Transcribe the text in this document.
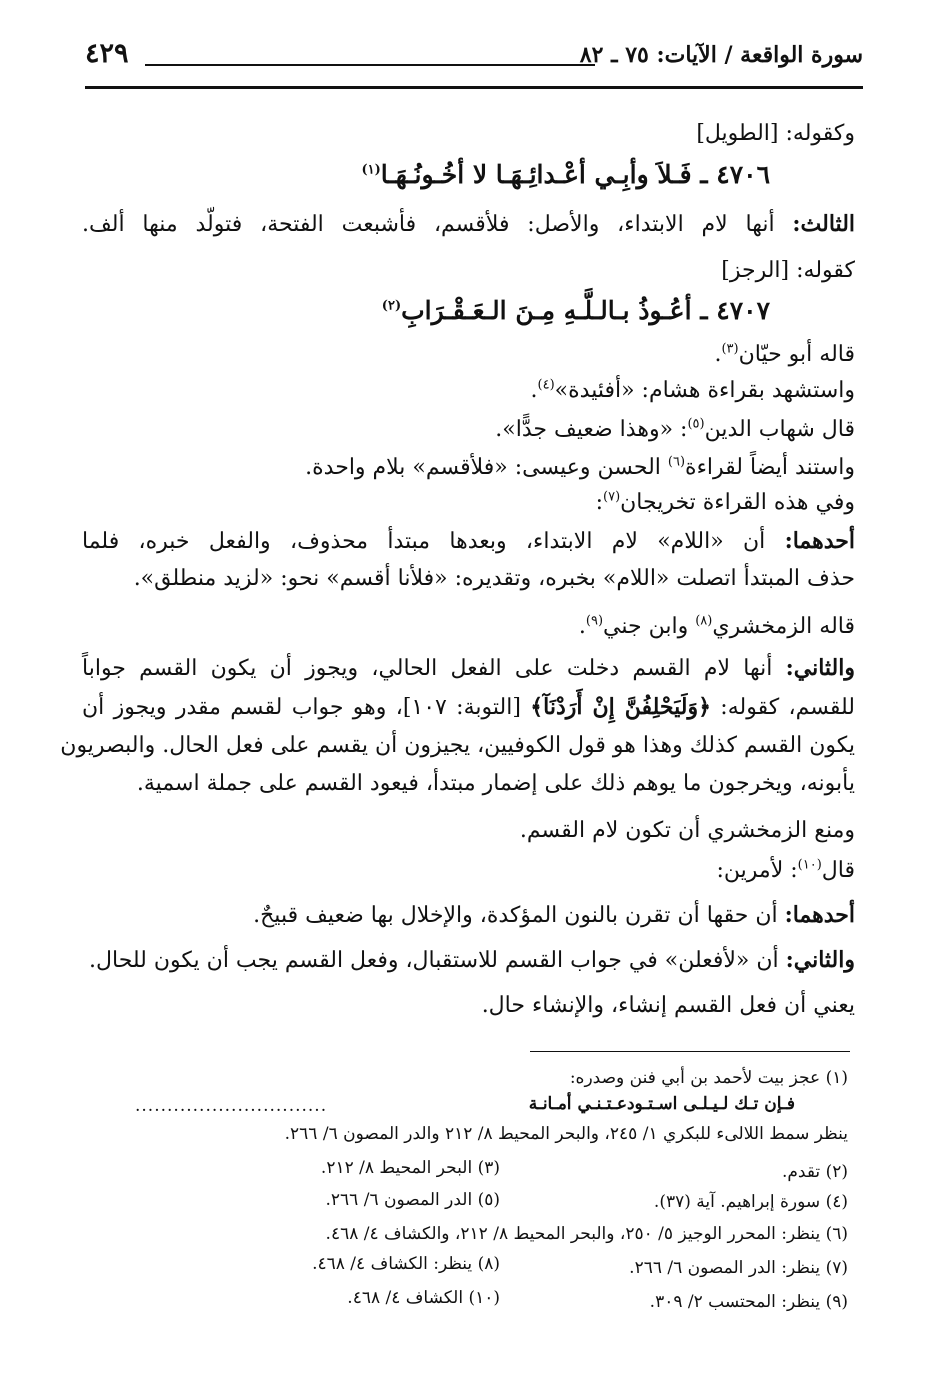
٤٢٩	سورة الواقعة / الآيات: ٧٥ ـ ٨٢
وكقوله: [الطويل]
٤٧٠٦ ـ فَـلاَ وأبِـي أعْـدائِـهَـا لا أخُـونُـهَـا$^{(١)}$
الثالث: أنها لام الابتداء، والأصل: فلأقسم، فأشبعت الفتحة، فتولّد منها ألف.
كقوله: [الرجز]
٤٧٠٧ ـ أعُـوذُ بـالـلَّـهِ مِـنَ الـعَـقْـرَابِ$^{(٢)}$
قاله أبو حيّان$^{(٣)}$.
واستشهد بقراءة هشام: «أفئيدة»$^{(٤)}$.
قال شهاب الدين$^{(٥)}$: «وهذا ضعيف جدًّا».
واستند أيضاً لقراءة$^{(٦)}$ الحسن وعيسى: «فلأقسم» بلام واحدة.
وفي هذه القراءة تخريجان$^{(٧)}$:
أحدهما: أن «اللام» لام الابتداء، وبعدها مبتدأ محذوف، والفعل خبره، فلما
حذف المبتدأ اتصلت «اللام» بخبره، وتقديره: «فلأنا أقسم» نحو: «لزيد منطلق».
قاله الزمخشري$^{(٨)}$ وابن جني$^{(٩)}$.
والثاني: أنها لام القسم دخلت على الفعل الحالي، ويجوز أن يكون القسم جواباً
للقسم، كقوله: ﴿وَلَيَحْلِفُنَّ إِنْ أَرَدْنَآ﴾ [التوبة: ١٠٧]، وهو جواب لقسم مقدر ويجوز أن
يكون القسم كذلك وهذا هو قول الكوفيين، يجيزون أن يقسم على فعل الحال. والبصريون
يأبونه، ويخرجون ما يوهم ذلك على إضمار مبتدأ، فيعود القسم على جملة اسمية.
ومنع الزمخشري أن تكون لام القسم.
قال$^{(١٠)}$: لأمرين:
أحدهما: أن حقها أن تقرن بالنون المؤكدة، والإخلال بها ضعيف قبيحٌ.
والثاني: أن «لأفعلن» في جواب القسم للاستقبال، وفعل القسم يجب أن يكون للحال.
يعني أن فعل القسم إنشاء، والإنشاء حال.
(١) عجز بيت لأحمد بن أبي فنن وصدره:
فـإن تـك لـيـلـى اسـتـودعـتـنـي أمـانـة
..............................
ينظر سمط اللالىء للبكري ١/ ٢٤٥، والبحر المحيط ٨/ ٢١٢ والدر المصون ٦/ ٢٦٦.
(٢) تقدم.
(٣) البحر المحيط ٨/ ٢١٢.
(٤) سورة إبراهيم. آية (٣٧).
(٥) الدر المصون ٦/ ٢٦٦.
(٦) ينظر: المحرر الوجيز ٥/ ٢٥٠، والبحر المحيط ٨/ ٢١٢، والكشاف ٤/ ٤٦٨.
(٧) ينظر: الدر المصون ٦/ ٢٦٦.
(٨) ينظر: الكشاف ٤/ ٤٦٨.
(٩) ينظر: المحتسب ٢/ ٣٠٩.
(١٠) الكشاف ٤/ ٤٦٨.
